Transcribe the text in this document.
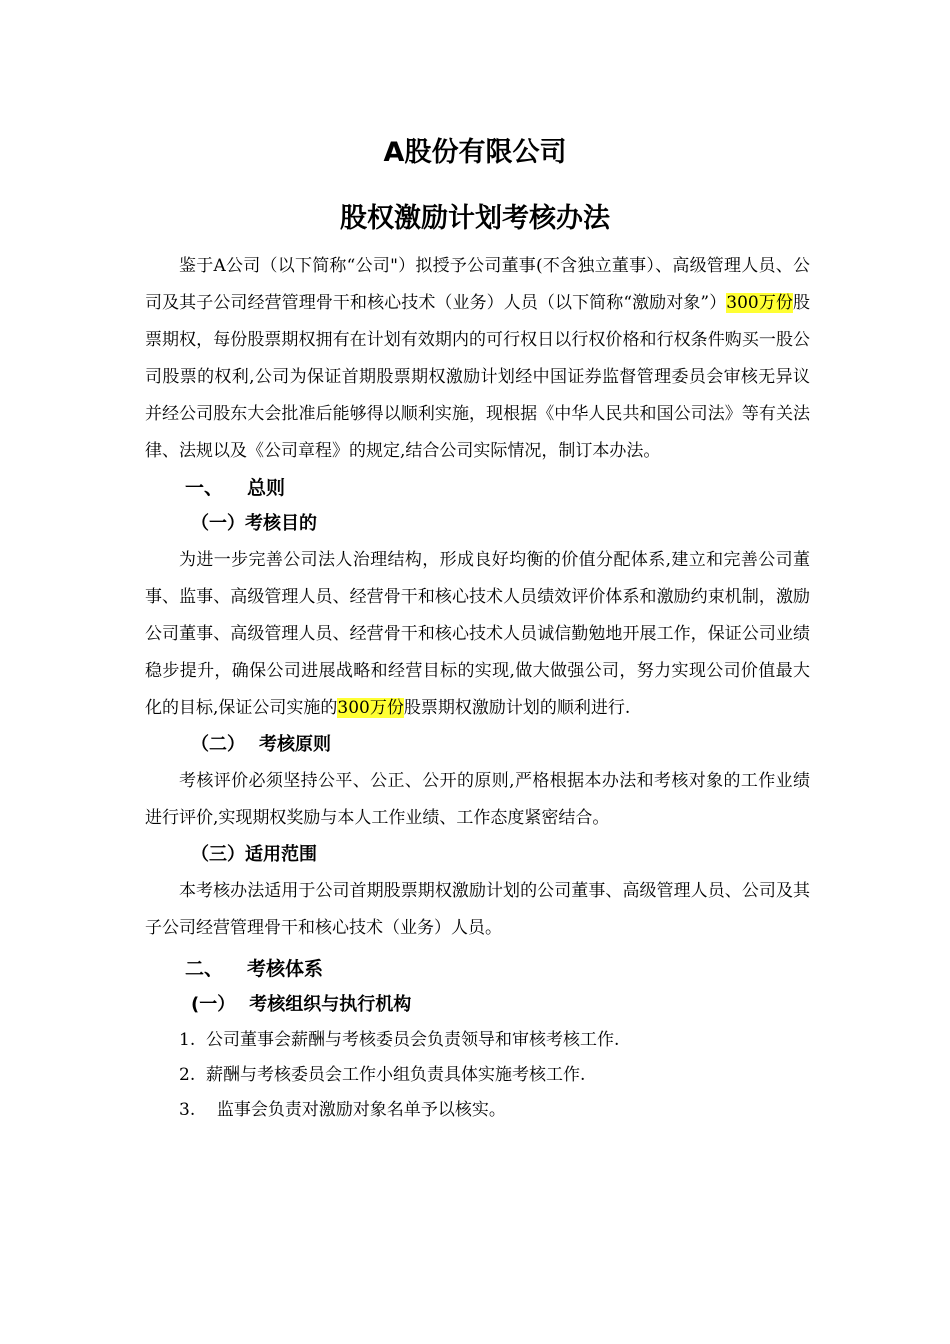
A股份有限公司
股权激励计划考核办法

鉴于A公司（以下简称“公司"）拟授予公司董事(不含独立董事）、高级管理人员、公司及其子公司经营管理骨干和核心技术（业务）人员（以下简称“激励对象”）300万份股票期权，每份股票期权拥有在计划有效期内的可行权日以行权价格和行权条件购买一股公司股票的权利,公司为保证首期股票期权激励计划经中国证券监督管理委员会审核无异议并经公司股东大会批准后能够得以顺利实施，现根据《中华人民共和国公司法》等有关法律、法规以及《公司章程》的规定,结合公司实际情况，制订本办法。

一、 总则

（一）考核目的

为进一步完善公司法人治理结构，形成良好均衡的价值分配体系,建立和完善公司董事、监事、高级管理人员、经营骨干和核心技术人员绩效评价体系和激励约束机制，激励公司董事、高级管理人员、经营骨干和核心技术人员诚信勤勉地开展工作，保证公司业绩稳步提升，确保公司进展战略和经营目标的实现,做大做强公司，努力实现公司价值最大化的目标,保证公司实施的300万份股票期权激励计划的顺利进行.

（二） 考核原则

考核评价必须坚持公平、公正、公开的原则,严格根据本办法和考核对象的工作业绩进行评价,实现期权奖励与本人工作业绩、工作态度紧密结合。

（三）适用范围

本考核办法适用于公司首期股票期权激励计划的公司董事、高级管理人员、公司及其子公司经营管理骨干和核心技术（业务）人员。

二、 考核体系

(一） 考核组织与执行机构

1.  公司董事会薪酬与考核委员会负责领导和审核考核工作.

2.  薪酬与考核委员会工作小组负责具体实施考核工作.

3.    监事会负责对激励对象名单予以核实。
